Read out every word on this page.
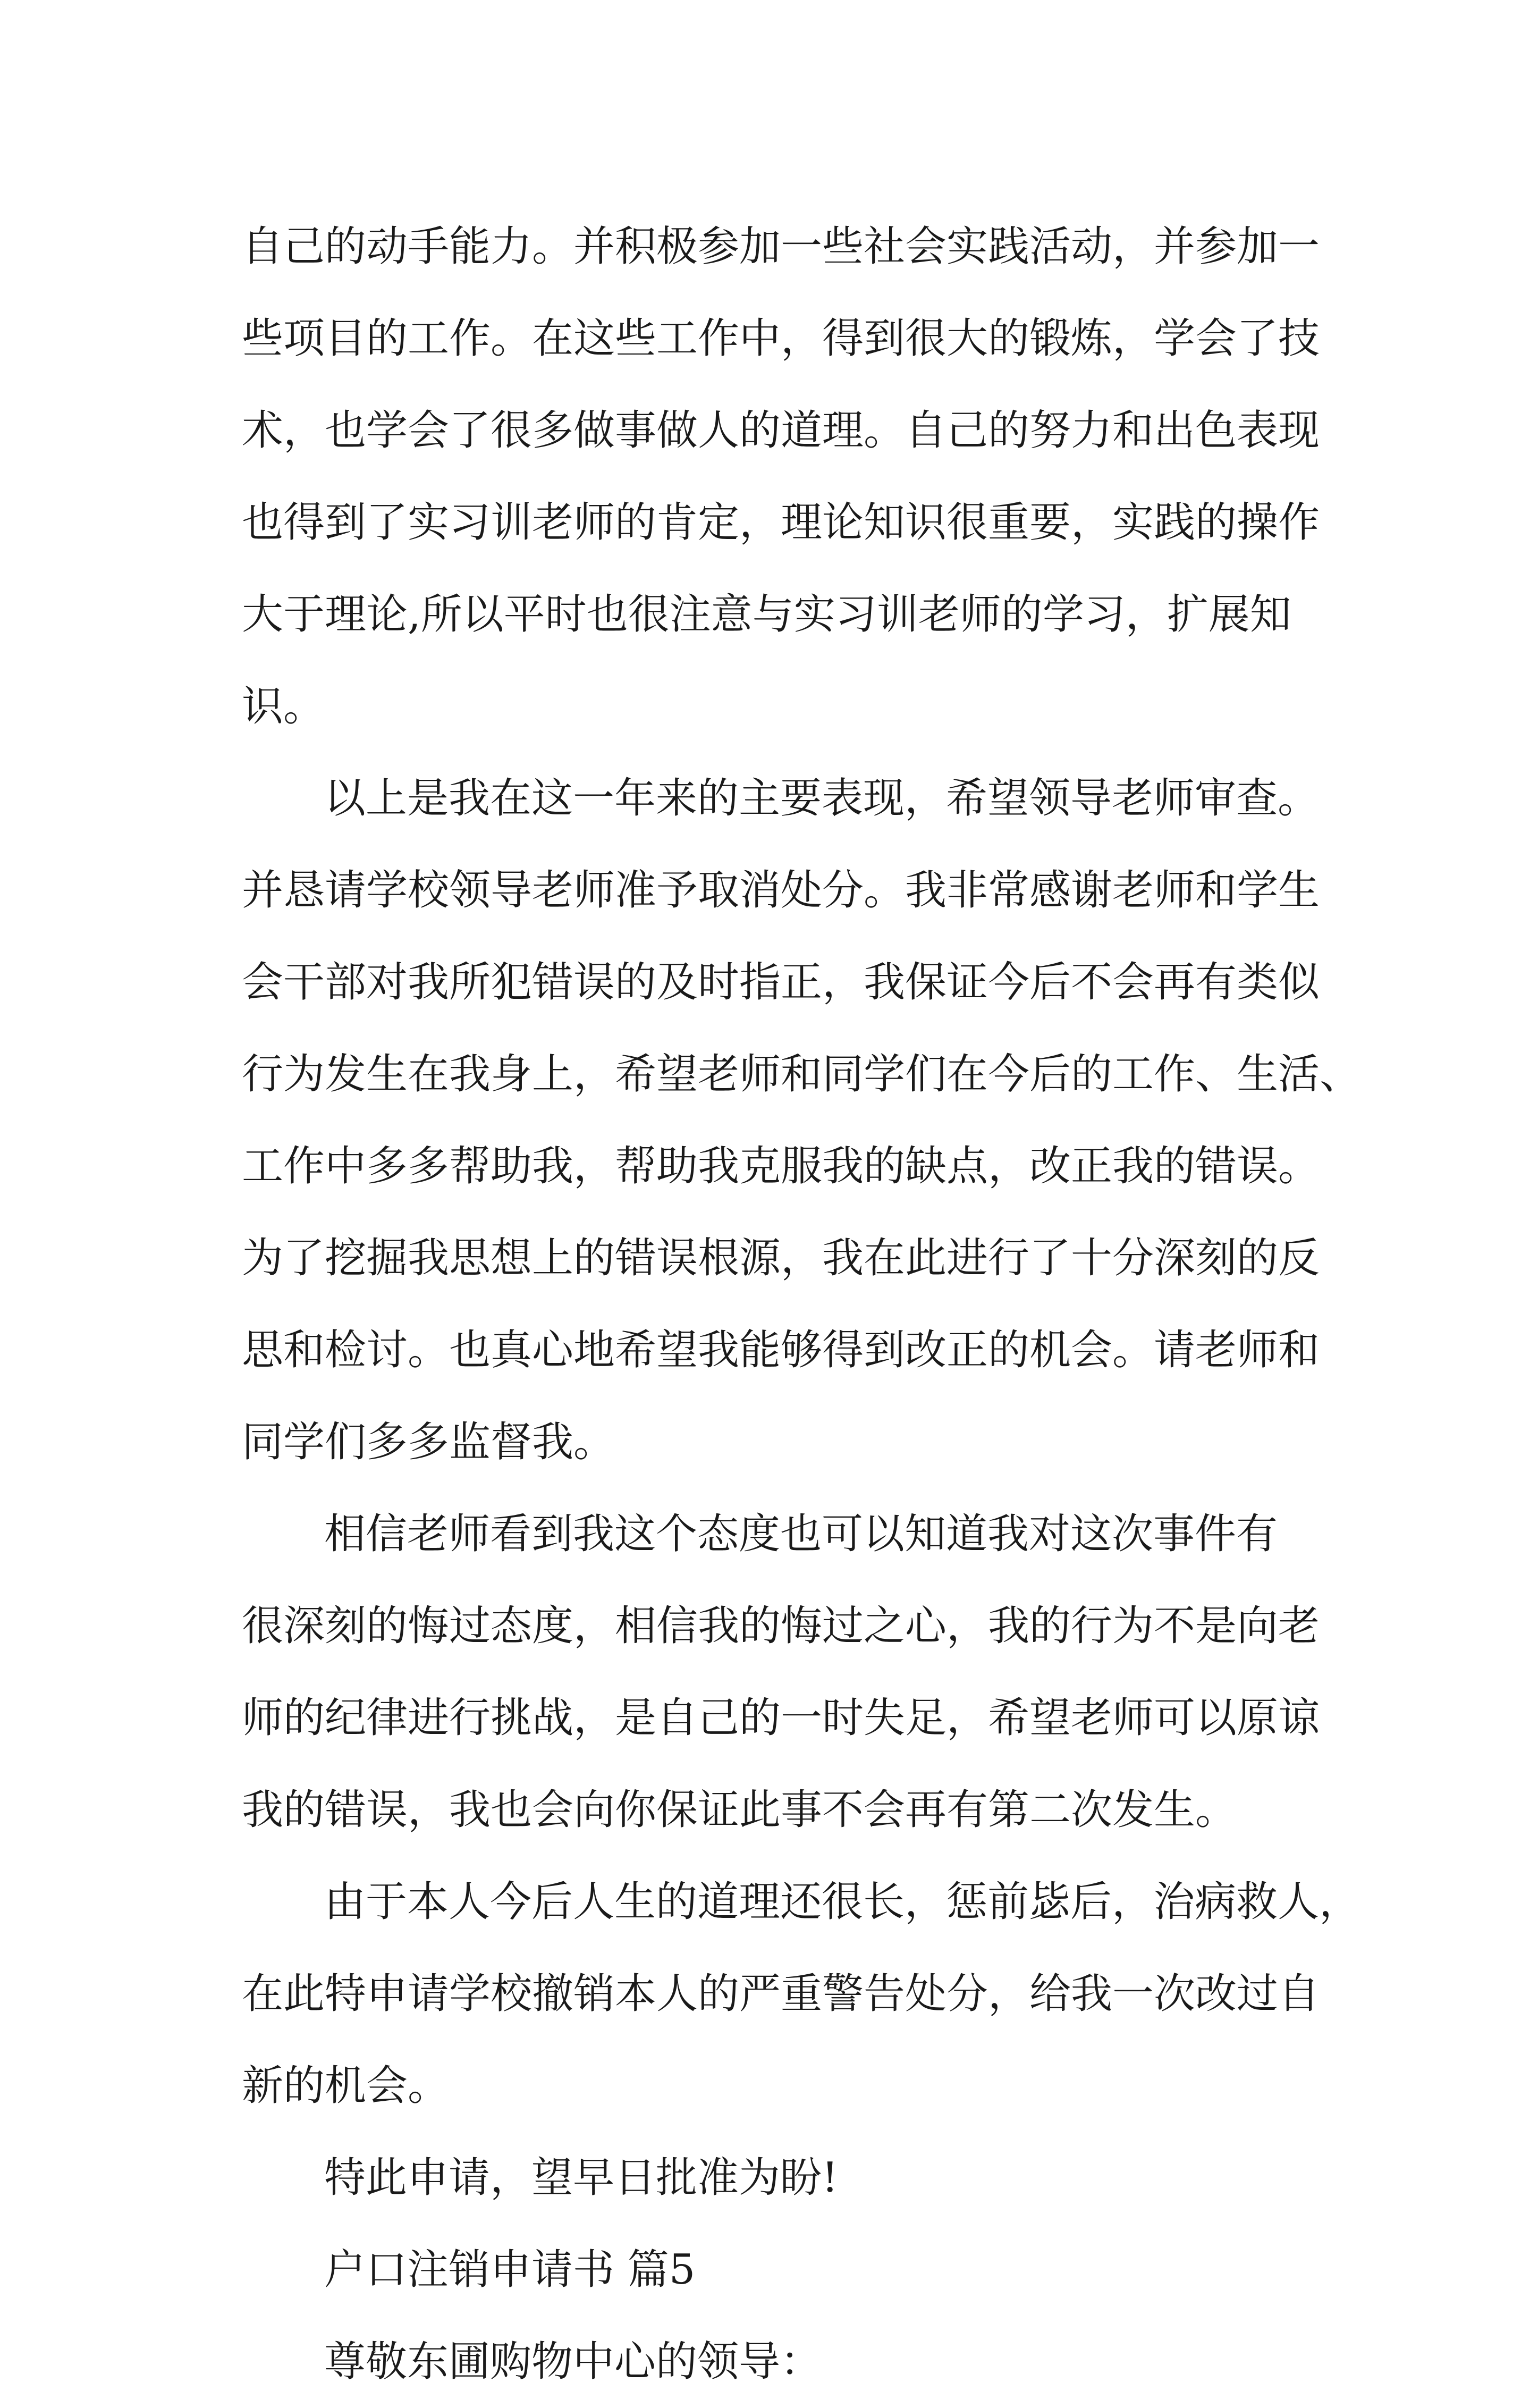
自己的动手能力。并积极参加一些社会实践活动，并参加一
些项目的工作。在这些工作中，得到很大的锻炼，学会了技
术，也学会了很多做事做人的道理。自己的努力和出色表现
也得到了实习训老师的肯定，理论知识很重要，实践的操作
大于理论,所以平时也很注意与实习训老师的学习，扩展知
识。
以上是我在这一年来的主要表现，希望领导老师审查。
并恳请学校领导老师准予取消处分。我非常感谢老师和学生
会干部对我所犯错误的及时指正，我保证今后不会再有类似
行为发生在我身上，希望老师和同学们在今后的工作、生活、
工作中多多帮助我，帮助我克服我的缺点，改正我的错误。
为了挖掘我思想上的错误根源，我在此进行了十分深刻的反
思和检讨。也真心地希望我能够得到改正的机会。请老师和
同学们多多监督我。
相信老师看到我这个态度也可以知道我对这次事件有
很深刻的悔过态度，相信我的悔过之心，我的行为不是向老
师的纪律进行挑战，是自己的一时失足，希望老师可以原谅
我的错误，我也会向你保证此事不会再有第二次发生。
由于本人今后人生的道理还很长，惩前毖后，治病救人，
在此特申请学校撤销本人的严重警告处分，给我一次改过自
新的机会。
特此申请，望早日批准为盼!
户口注销申请书 篇5
尊敬东圃购物中心的领导：
